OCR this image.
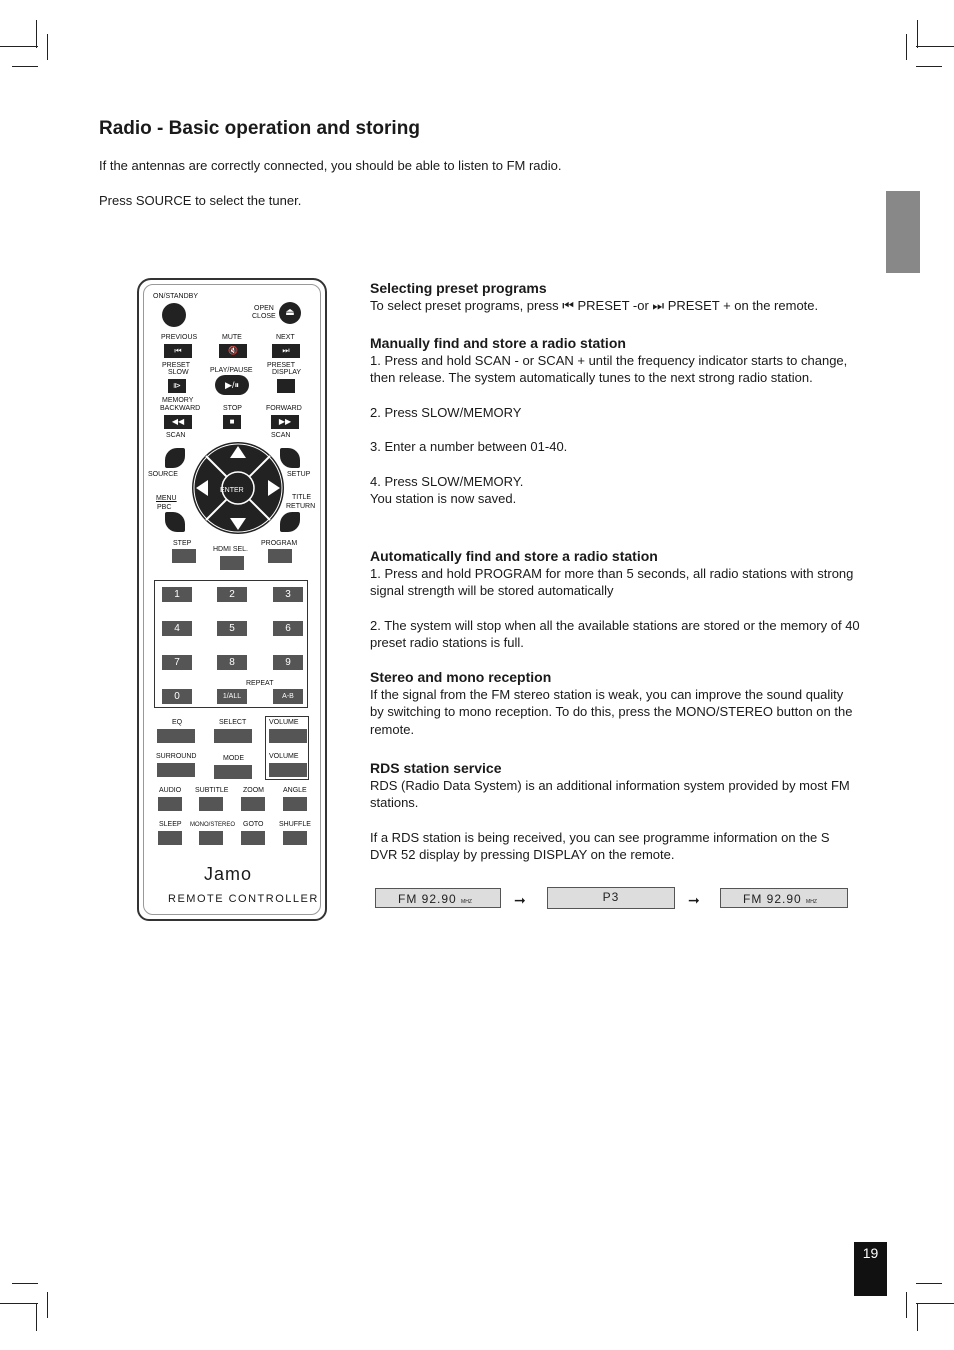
Radio - Basic operation and storing

If the antennas are correctly connected, you should be able to listen to FM radio.

Press SOURCE to select the tuner.

ON/STANDBY
OPEN
CLOSE ⏏
PREVIOUS	MUTE	NEXT
⏮	🔇	⏭
PRESET
SLOW	PLAY/PAUSE
PRESET
DISPLAY
⧐	▶/⏸
MEMORY
BACKWARD	STOP	FORWARD
◀◀	■	▶▶
SCAN	SCAN
SOURCE	SETUP
MENU
PBC
TITLE
RETURN
ENTER
STEP
HDMI SEL.
PROGRAM
1	2	3
4	5	6
7	8	9
0
REPEAT
1/ALL	A-B
EQ	SELECT	VOLUME
SURROUND	MODE	VOLUME
AUDIO SUBTITLE ZOOM	ANGLE
SLEEP MONO/STEREO GOTO SHUFFLE
Jamo
REMOTE CONTROLLER
Selecting preset programs

To select preset programs, press ⏮ PRESET -or ⏭ PRESET + on the remote.

Manually find and store a radio station

1. Press and hold SCAN - or SCAN + until the frequency indicator starts to change, then release. The system automatically tunes to the next strong radio station.

2. Press SLOW/MEMORY

3. Enter a number between 01-40.

4. Press SLOW/MEMORY.

You station is now saved.

Automatically find and store a radio station

1. Press and hold PROGRAM for more than 5 seconds, all radio stations with strong signal strength will be stored automatically

2. The system will stop when all the available stations are stored or the memory of 40 preset radio stations is full.

Stereo and mono reception

If the signal from the FM stereo station is weak, you can improve the sound quality by switching to mono reception. To do this, press the MONO/STEREO button on the remote.

RDS station service

RDS (Radio Data System) is an additional information system provided by most FM stations.

If a RDS station is being received, you can see programme information on the S DVR 52 display by pressing DISPLAY on the remote.

FM 92.90 MHZ	➞	P3	➞	FM 92.90 MHZ
19
